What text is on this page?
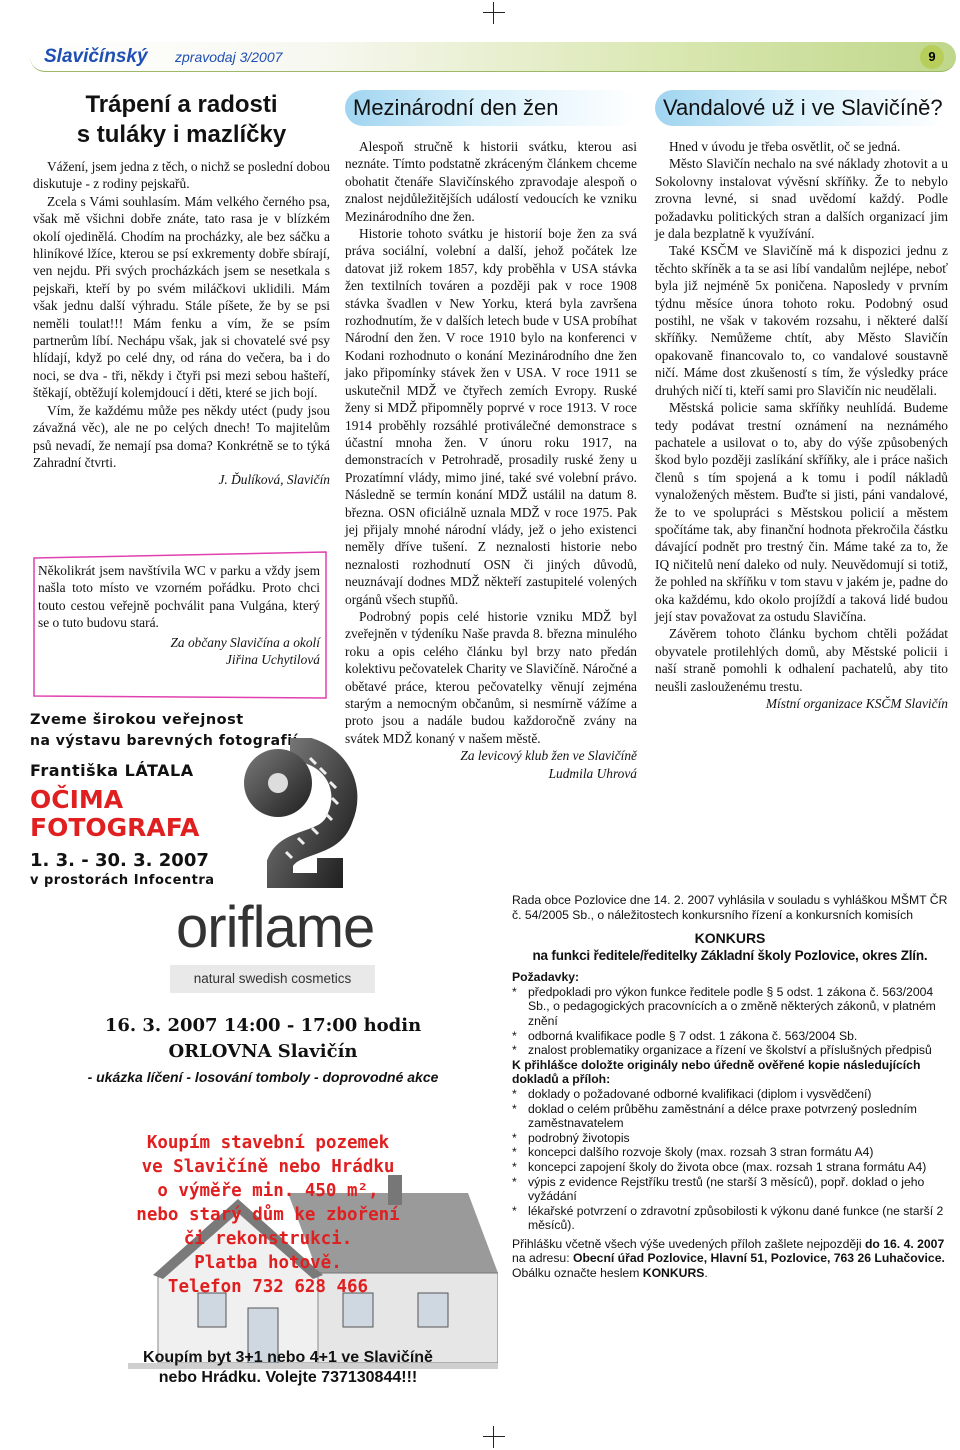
Slavičínský zpravodaj 3/2007	9
Trápení a radosti
s tuláky i mazlíčky

Vážení, jsem jedna z těch, o nichž se poslední dobou diskutuje - z rodiny pejskařů.

Zcela s Vámi souhlasím. Mám velkého černého psa, však mě všichni dobře znáte, tato rasa je v blízkém okolí ojedinělá. Chodím na procházky, ale bez sáčku a hliníkové lžíce, kterou se psí exkrementy dobře sbírají, ven nejdu. Při svých procházkách jsem se nesetkala s pejskaři, kteří by po svém miláčkovi uklidili. Mám však jednu další výhradu. Stále píšete, že by se psi neměli toulat!!! Mám fenku a vím, že se psím partnerům líbí. Nechápu však, jak si chovatelé své psy hlídají, když po celé dny, od rána do večera, ba i do noci, se dva - tři, někdy i čtyři psi mezi sebou hašteří, štěkají, obtěžují kolemjdoucí i děti, které se jich bojí.

Vím, že každému může pes někdy utéct (pudy jsou závažná věc), ale ne po celých dnech! To majitelům psů nevadí, že nemají psa doma? Konkrétně se to týká Zahradní čtvrti.

J. Ďulíková, Slavičín

Několikrát jsem navštívila WC v parku a vždy jsem našla toto místo ve vzorném pořádku. Proto chci touto cestou veřejně pochválit pana Vulgána, který se o tuto budovu stará.

Za občany Slavičína a okolí

Jiřina Uchytilová

Zveme širokou veřejnost
na výstavu barevných fotografií
Františka LÁTALA
OČIMA
FOTOGRAFA
1. 3. - 30. 3. 2007
v prostorách Infocentra
Mezinárodní den žen

Alespoň stručně k historii svátku, kterou asi neznáte. Tímto podstatně zkráceným článkem chceme obohatit čtenáře Slavičínského zpravodaje alespoň o znalost nejdůležitějších událostí vedoucích ke vzniku Mezinárodního dne žen.

Historie tohoto svátku je historií boje žen za svá práva sociální, volební a další, jehož počátek lze datovat již rokem 1857, kdy proběhla v USA stávka žen textilních továren a později pak v roce 1908 stávka švadlen v New Yorku, která byla završena rozhodnutím, že v dalších letech bude v USA probíhat Národní den žen. V roce 1910 bylo na konferenci v Kodani rozhodnuto o konání Mezinárodního dne žen jako připomínky stávek žen v USA. V roce 1911 se uskutečnil MDŽ ve čtyřech zemích Evropy. Ruské ženy si MDŽ připomněly poprvé v roce 1913. V roce 1914 proběhly rozsáhlé protiválečné demonstrace s účastní mnoha žen. V únoru roku 1917, na demonstracích v Petrohradě, prosadily ruské ženy u Prozatímní vlády, mimo jiné, také své volební právo. Následně se termín konání MDŽ ustálil na datum 8. března. OSN oficiálně uznala MDŽ v roce 1975. Pak jej přijaly mnohé národní vlády, jež o jeho existenci neměly dříve tušení. Z neznalosti historie nebo neznalosti rozhodnutí OSN či jiných důvodů, neuznávají dodnes MDŽ někteří zastupitelé volených orgánů všech stupňů.

Podrobný popis celé historie vzniku MDŽ byl zveřejněn v týdeníku Naše pravda 8. března minulého roku a opis celého článku byl brzy nato předán kolektivu pečovatelek Charity ve Slavičíně. Náročné a obětavé práce, kterou pečovatelky věnují zejména starým a nemocným občanům, si nesmírně vážíme a proto jsou a nadále budou každoročně zvány na svátek MDŽ konaný v našem městě.

Za levicový klub žen ve Slavičíně

Ludmila Uhrová

Vandalové už i ve Slavičíně?

Hned v úvodu je třeba osvětlit, oč se jedná.

Město Slavičín nechalo na své náklady zhotovit a u Sokolovny instalovat vývěsní skříňky. Že to nebylo zrovna levné, si snad uvědomí každý. Podle požadavku politických stran a dalších organizací jim je dala bezplatně k využívání.

Také KSČM ve Slavičíně má k dispozici jednu z těchto skříněk a ta se asi líbí vandalům nejlépe, neboť byla již nejméně 5x poničena. Naposledy v prvním týdnu měsíce února tohoto roku. Podobný osud postihl, ne však v takovém rozsahu, i některé další skříňky. Nemůžeme chtít, aby Město Slavičín opakovaně financovalo to, co vandalové soustavně ničí. Máme dost zkušeností s tím, že výsledky práce druhých ničí ti, kteří sami pro Slavičín nic neudělali.

Městská policie sama skříňky neuhlídá. Budeme tedy podávat trestní oznámení na neznámého pachatele a usilovat o to, aby do výše způsobených škod bylo později zaslíkání skříňky, ale i práce našich členů s tím spojená a k tomu i podíl nákladů vynaložených městem. Buďte si jisti, páni vandalové, že to ve spolupráci s Městskou policií a městem spočítáme tak, aby finanční hodnota překročila částku dávající podnět pro trestný čin. Máme také za to, že IQ ničitelů není daleko od nuly. Neuvědomují si totiž, že pohled na skříňku v tom stavu v jakém je, padne do oka každému, kdo okolo projíždí a taková lidé budou její stav považovat za ostudu Slavičína.

Závěrem tohoto článku bychom chtěli požádat obyvatele protilehlých domů, aby Městské policii i naší straně pomohli k odhalení pachatelů, aby tito neušli zaslouženému trestu.

Místní organizace KSČM Slavičín

oriflame
natural swedish cosmetics
16. 3. 2007 14:00 - 17:00 hodin
ORLOVNA Slavičín
- ukázka líčení - losování tomboly - doprovodné akce
Koupím stavební pozemek
ve Slavičíně nebo Hrádku
o výměře min. 450 m²,
nebo starý dům ke zboření
či rekonstrukci.
Platba hotově.
Telefon 732 628 466
Koupím byt 3+1 nebo 4+1 ve Slavičíně
nebo Hrádku. Volejte 737130844!!!

Rada obce Pozlovice dne 14. 2. 2007 vyhlásila v souladu s vyhláškou MŠMT ČR č. 54/2005 Sb., o náležitostech konkursního řízení a konkursních komisích

KONKURS
na funkci ředitele/ředitelky Základní školy Pozlovice, okres Zlín.
Požadavky:
* předpokladi pro výkon funkce ředitele podle § 5 odst. 1 zákona č. 563/2004 Sb., o pedagogických pracovnících a o změně některých zákonů, v platném znění
* odborná kvalifikace podle § 7 odst. 1 zákona č. 563/2004 Sb.
* znalost problematiky organizace a řízení ve školství a příslušných předpisů
K přihlášce doložte originály nebo úředně ověřené kopie následujících dokladů a příloh:
* doklady o požadované odborné kvalifikaci (diplom i vysvědčení)
* doklad o celém průběhu zaměstnání a délce praxe potvrzený posledním zaměstnavatelem
* podrobný životopis
* koncepci dalšího rozvoje školy (max. rozsah 3 stran formátu A4)
* koncepci zapojení školy do života obce (max. rozsah 1 strana formátu A4)
* výpis z evidence Rejstříku trestů (ne starší 3 měsíců), popř. doklad o jeho vyžádání
* lékařské potvrzení o zdravotní způsobilosti k výkonu dané funkce (ne starší 2 měsíců).

Přihlášku včetně všech výše uvedených příloh zašlete nejpozději do 16. 4. 2007 na adresu: Obecní úřad Pozlovice, Hlavní 51, Pozlovice, 763 26 Luhačovice. Obálku označte heslem KONKURS.
